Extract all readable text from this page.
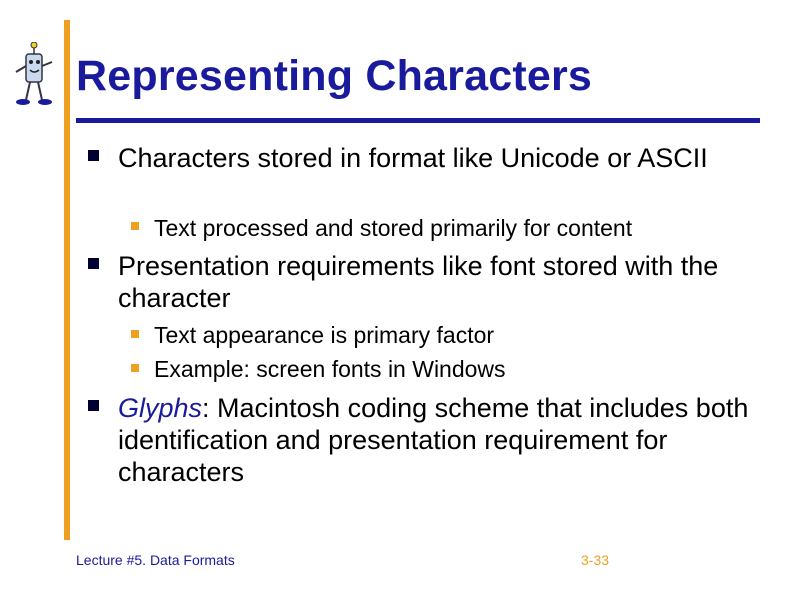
Representing Characters
Characters stored in format like Unicode or ASCII
Text processed and stored primarily for content
Presentation requirements like font stored with the character
Text appearance is primary factor
Example: screen fonts in Windows
Glyphs: Macintosh coding scheme that includes both identification and presentation requirement for characters
Lecture #5. Data Formats	3-33
